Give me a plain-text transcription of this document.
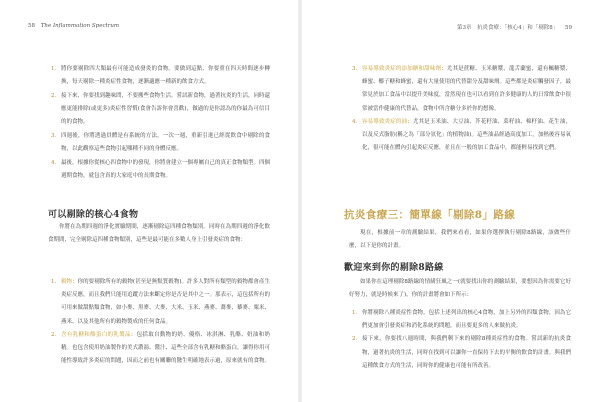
58 The Inflammation Spectrum
1. 將你要剔除四大類最有可能造成發炎的食物。要做到這點，你要重在四天時間逐步轉換，每天剔除一種炎症性食物，逐漸適應一種新的飲食方式。
2. 接下來，你要找到趣味問，不要搬些食物生活。嘗試新食物，過著抗炎的生活，同時還應更能排除(或更多)炎症性習慣(食會告訴你會喜歡)，做過的是你認為的你最為可信目的的食物。
3. 四週後，你將透過員體是有系統的方法，一次一週，重新引進已經從飲食中剔除的食物，以此觀察這些食物引起哪種不同的身體反應。
4. 最後，根據你從核心四食物中的發現，你將會建立一個專屬自己的真正食物類型。四個週期食物，就包含真的大家庭中的長期食物。
可以剔除的核心4食物

你將在為期四週的淨化實驗期間，逐漸剔除這四種食物類別。同時在為期四週的淨化飲食期間，完全剔除這四種食物類別，這些是最可能在多數人身上引發炎症的食物：

1. 穀物：你的要剔除所有的穀物(甚至是無麩質穀物)。許多人對所有類型的穀物都會產生炎症反應，而且我們只能用追蹤方法來斷定你是否是其中之一。那表示，這包括所有的可用來做甜點類食物，如小麥、黑麥、大麥、大米、玉米、燕麥、蕎麥、藜麥、粟米、燕米、以及其他所有的穀物製成的任何食品。
2. 含有乳糖和酪蛋白的乳製品：包括取自動物的奶、優格、冰淇淋、乳酪、奶油和奶精。也包含使用奶油製作的美式濃湯、醬汁、這些全部含有乳糖和酪蛋白，讓得你用可能性導致許多炎症的問題，因而之前也有關聯的醫生明確地表示過，原來就有的食物。
第3章　抗炎食療：「核心4」和「剔除8」 59
3. 容易導致炎症的添加糖和甜味劑：尤其是蔗糖、玉米糖漿、龍舌蘭蜜，還有楓糖漿、蜂蜜、椰子糖和蜂蜜，還有大量使用的代替甜分及甜味劑。這些都是炎症觸發因子，最常見於加工食品中以提升美味度，當然現在也可以看到在許多健康的人的日常飲食中很常被當作健康的代替品，食物中所含糖分多於你的想像。
4. 容易導致炎症的油：尤其是玉米油、大豆油、芥花籽油、菜籽油、棉籽油、花生油，以及反式脂肪(稱之為「部分氫化」的植物油)。這些油品經過高度加工，加熱後容易氧化，很可能在體內引起炎症反應，並且在一般的加工食品中，都能輕易找到它們。
抗炎食療三：簡單線「剔除8」路線

現在，根據前一章的測驗結果，我們來看看，如果你選擇執行剔除8路線，該做些什麼，以下是你的計畫。

歡迎來到你的剔除8路線

如果你在這理剔除8路線的情緒狂風之一(就要找出你的測驗結果，要想因為你需要它好好努力，就是時候來了)，你的計畫將會如下所示：

1. 你將剔除八種炎症性食物，包括上述列出的核心4食物，加上另外的四類食物，因為它們更加會引發炎症和消化系統的問題，而且要更多的人來做抗炎。
2. 接下來，你要找八週時間，與我們剩下來的剔除8種炎症性的食物。嘗試新的抗炎食物，過著抗炎的生活，同時在找到可以讓你一直保持下去的平衡的飲食的計畫。與我們這種飲食方式的生活，同時你的健康也可能有所改善。
